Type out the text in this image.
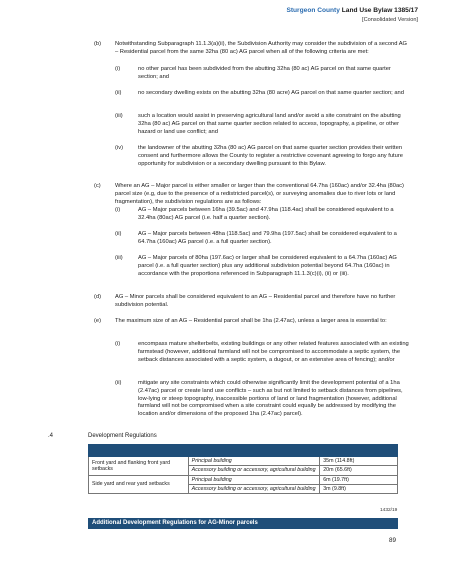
Sturgeon County Land Use Bylaw 1385/17
[Consolidated Version]
(b) Notwithstanding Subparagraph 11.1.3(a)(ii), the Subdivision Authority may consider the subdivision of a second AG – Residential parcel from the same 32ha (80 ac) AG parcel when all of the following criteria are met:
(i)	no other parcel has been subdivided from the abutting 32ha (80 ac) AG parcel on that same quarter section; and
(ii)	no secondary dwelling exists on the abutting 32ha (80 acre) AG parcel on that same quarter section; and
(iii)	such a location would assist in preserving agricultural land and/or avoid a site constraint on the abutting 32ha (80 ac) AG parcel on that same quarter section related to access, topography, a pipeline, or other hazard or land use conflict; and
(iv)	the landowner of the abutting 32ha (80 ac) AG parcel on that same quarter section provides their written consent and furthermore allows the County to register a restrictive covenant agreeing to forgo any future opportunity for subdivision or a secondary dwelling pursuant to this Bylaw.
(c) Where an AG – Major parcel is either smaller or larger than the conventional 64.7ha (160ac) and/or 32.4ha (80ac) parcel size (e.g, due to the presence of a redistricted parcel(s), or surveying anomalies due to river lots or land fragmentation), the subdivision regulations are as follows:
(i)	AG – Major parcels between 16ha (39.5ac) and 47.9ha (118.4ac) shall be considered equivalent to a 32.4ha (80ac) AG parcel (i.e. half a quarter section).
(ii)	AG – Major parcels between 48ha (118.5ac) and 79.9ha (197.5ac) shall be considered equivalent to a 64.7ha (160ac) AG parcel (i.e. a full quarter section).
(iii)	AG – Major parcels of 80ha (197.6ac) or larger shall be considered equivalent to a 64.7ha (160ac) AG parcel (i.e. a full quarter section) plus any additional subdivision potential beyond 64.7ha (160ac) in accordance with the proportions referenced in Subparagraph 11.1.3(c)(i), (ii) or (iii).
(d) AG – Minor parcels shall be considered equivalent to an AG – Residential parcel and therefore have no further subdivision potential.
(e) The maximum size of an AG – Residential parcel shall be 1ha (2.47ac), unless a larger area is essential to:
(i)	encompass mature shelterbelts, existing buildings or any other related features associated with an existing farmstead (however, additional farmland will not be compromised to accommodate a septic system, the setback distances associated with a septic system, a dugout, or an extensive area of fencing); and/or
(ii)	mitigate any site constraints which could otherwise significantly limit the development potential of a 1ha (2.47ac) parcel or create land use conflicts – such as but not limited to setback distances from pipelines, low-lying or steep topography, inaccessible portions of land or land fragmentation (however, additional farmland will not be compromised when a site constraint could equally be addressed by modifying the location and/or dimensions of the proposed 1ha (2.47ac) parcel).
.4	Development Regulations

Front yard and flanking front yard setbacks	Principal building	35m (114.8ft)
	Accessory building or accessory, agricultural building	20m (65.6ft)
Side yard and rear yard setbacks	Principal building	6m (19.7ft)
	Accessory building or accessory, agricultural building	3m (9.8ft)
1432/19
Additional Development Regulations for AG-Minor parcels
89
